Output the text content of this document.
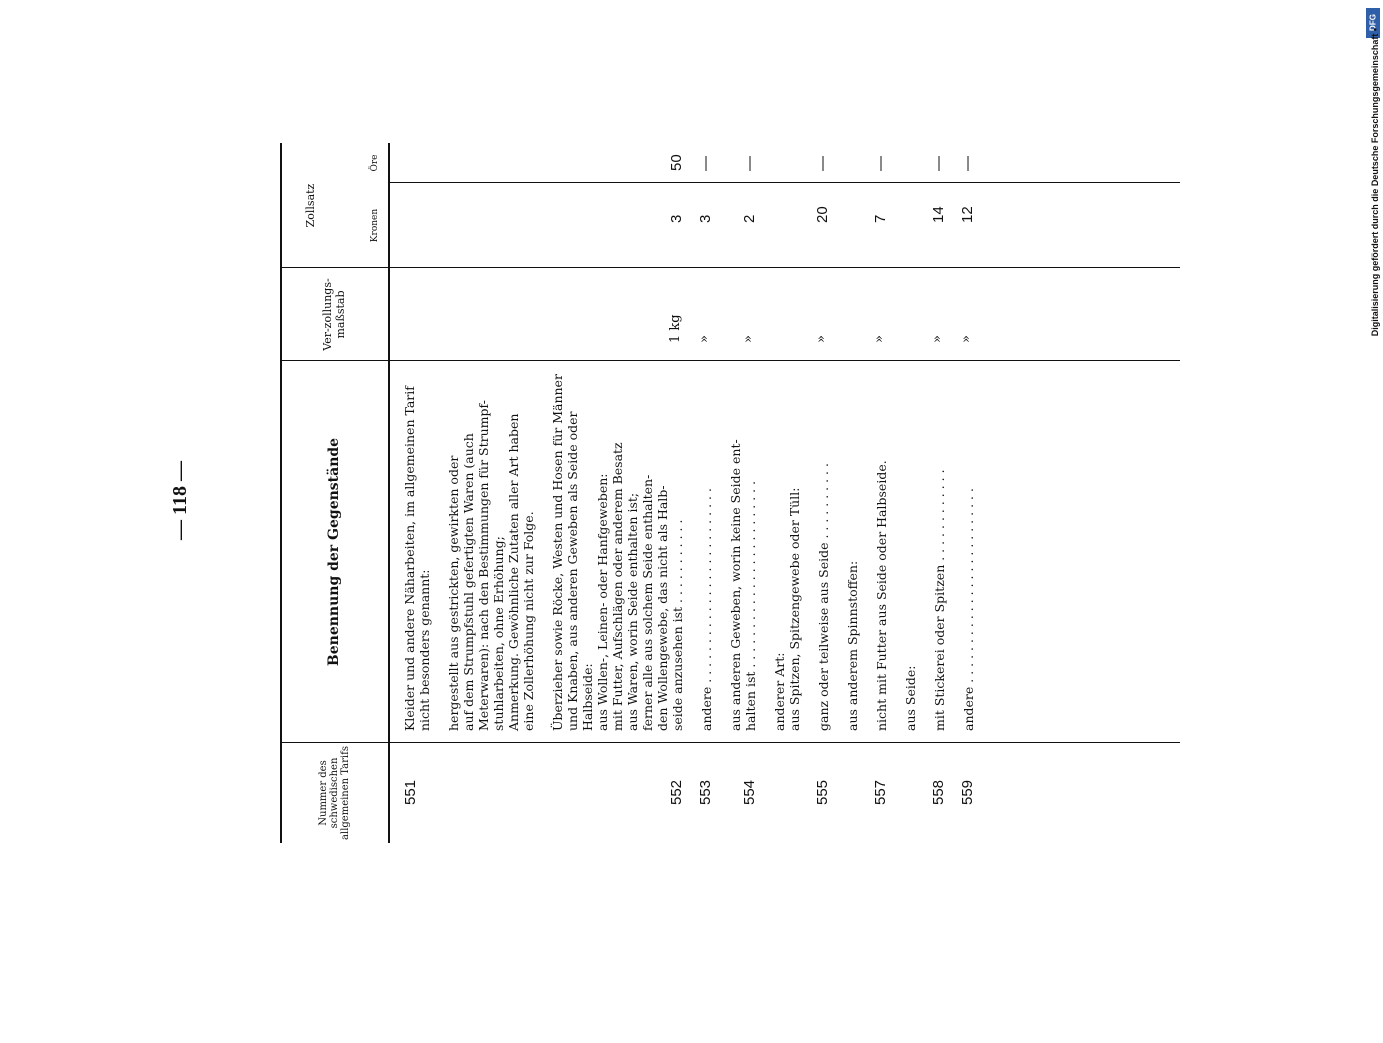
— 118 —
DFG
Digitalisierung gefördert durch die Deutsche Forschungsgemeinschaft •
Nummer des schwedischen allgemeinen Tarifs
Benennung der Gegenstände
Ver-zollungs-maßstab
Zollsatz	Kronen
Öre
551
Kleider und andere Näharbeiten, im allgemeinen Tarif nicht besonders genannt: hergestellt aus gestrickten, gewirkten oder auf dem Strumpfstuhl gefertigten Waren (auch Meterwaren): nach den Bestimmungen für Strumpf- stuhlarbeiten, ohne Erhöhung; Anmerkung. Gewöhnliche Zutaten aller Art haben eine Zollerhöhung nicht zur Folge.
552
Überzieher sowie Röcke, Westen und Hosen für Männer und Knaben, aus anderen Geweben als Seide oder Halbseide: aus Wollen-, Leinen- oder Hanfgeweben: mit Futter, Aufschlägen oder anderem Besatz aus Waren, worin Seide enthalten ist; ferner alle aus solchem Seide enthalten- den Wollengewebe, das nicht als Halb- seide anzusehen ist . . . . . . . . . . .
1 kg
3
50
553
andere . . . . . . . . . . . . . . . . . . . . . . . . .
»
3
—
554
aus anderen Geweben, worin keine Seide ent- halten ist . . . . . . . . . . . . . . . . . . . . . . . .
»
2
—
anderer Art: aus Spitzen, Spitzengewebe oder Tüll:
555
ganz oder teilweise aus Seide . . . . . . . . . .
»
20
—
aus anderem Spinnstoffen:
557
nicht mit Futter aus Seide oder Halbseide.
»
7
—
aus Seide:
558
mit Stickerei oder Spitzen . . . . . . . . . . . .
»
14
—
559
andere . . . . . . . . . . . . . . . . . . . . . . . . .
»
12
—
